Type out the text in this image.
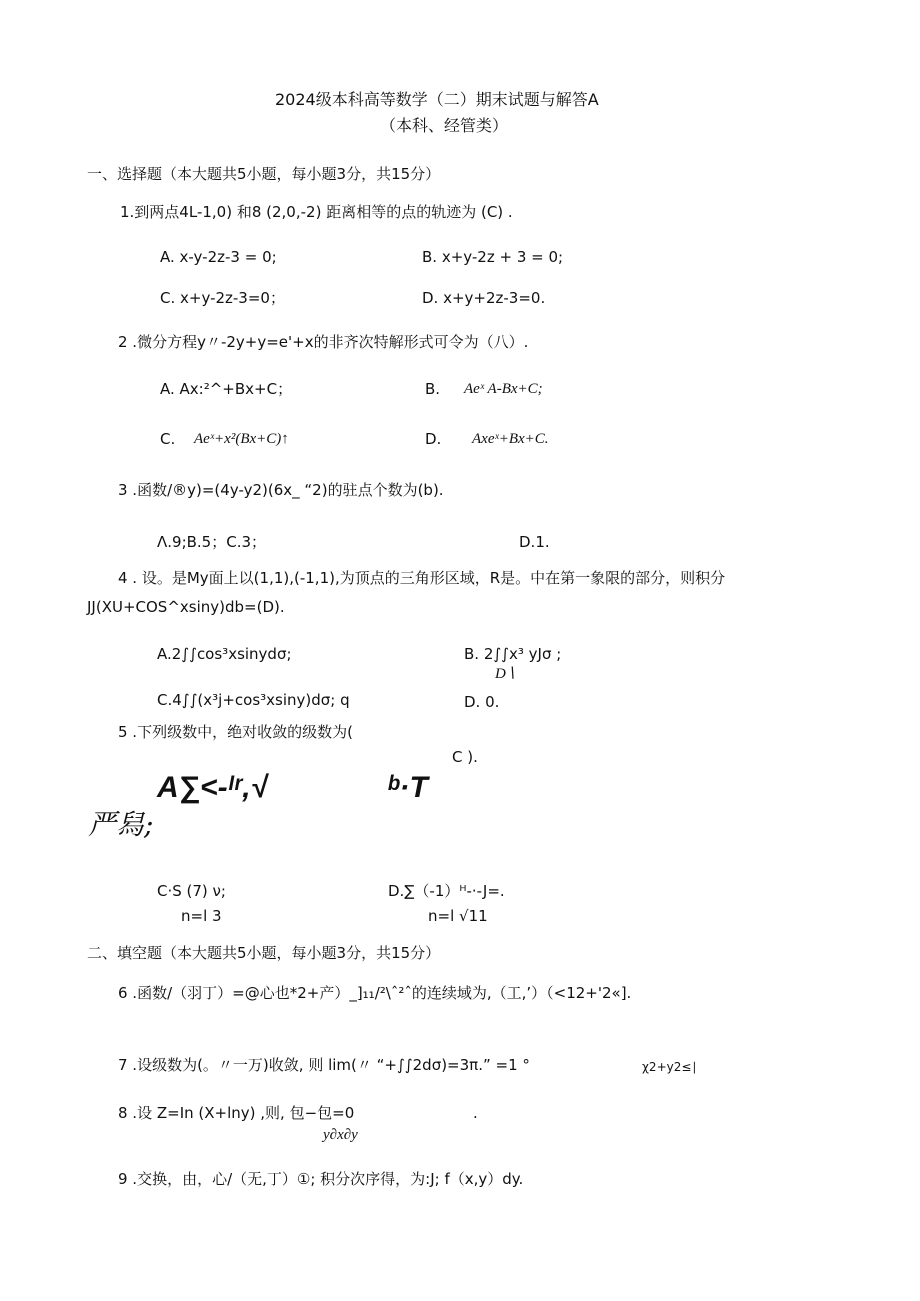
2024级本科高等数学（二）期末试题与解答A
（本科、经管类）
一、选择题（本大题共5小题，每小题3分，共15分）
1.到两点4L-1,0) 和8 (2,0,-2) 距离相等的点的轨迹为 (C) .
A. x-y-2z-3 = 0;	B. x+y-2z + 3 = 0;
C. x+y-2z-3=0；	D. x+y+2z-3=0.
2 .微分方程y〃-2y+y=e'+x的非齐次特解形式可令为（八）.
A. Ax:²^+Bx+C；	B. Aeˣ A-Bx+C;
C. Aeˣ+x²(Bx+C)↑	D. Axeˣ+Bx+C.
3 .函数/®y)=(4y-y2)(6x_ “2)的驻点个数为(b).
Λ.9;B.5；C.3；	D.1.
4 . 设。是My面上以(1,1),(-1,1),为顶点的三角形区域，R是。中在第一象限的部分，则积分
JJ(XU+COS^xsiny)db=(D).
A.2∫∫cos³xsinydσ;	B. 2∫∫x³ yJσ ;
D∖
C.4∫∫(x³j+cos³xsiny)dσ; q	D. 0.
5 .下列级数中，绝对收敛的级数为(
C ).
A∑<-ᴵʳ,√	ᵇ·T
严舄;
C·S (7) ν;
n=l 3
D.∑（-1）ᴴ-·-J=.
n=l √11
二、填空题（本大题共5小题，每小题3分，共15分）
6 .函数/（羽丁）=@心也*2+产）_]₁₁/²\ˆ²ˆ的连续域为,（工,’）（<12+'2«].
7 .设级数为(。〃一万)收敛, 则 lim(〃 “+∫∫2dσ)=3π.” =1 °	χ2+y2≤∣
8 .设 Z=In (X+lny) ,则, 包−包=0	.
y∂x∂y
9 .交换，由，心/（无,丁）①; 积分次序得，为:J; f（x,y）dy.
